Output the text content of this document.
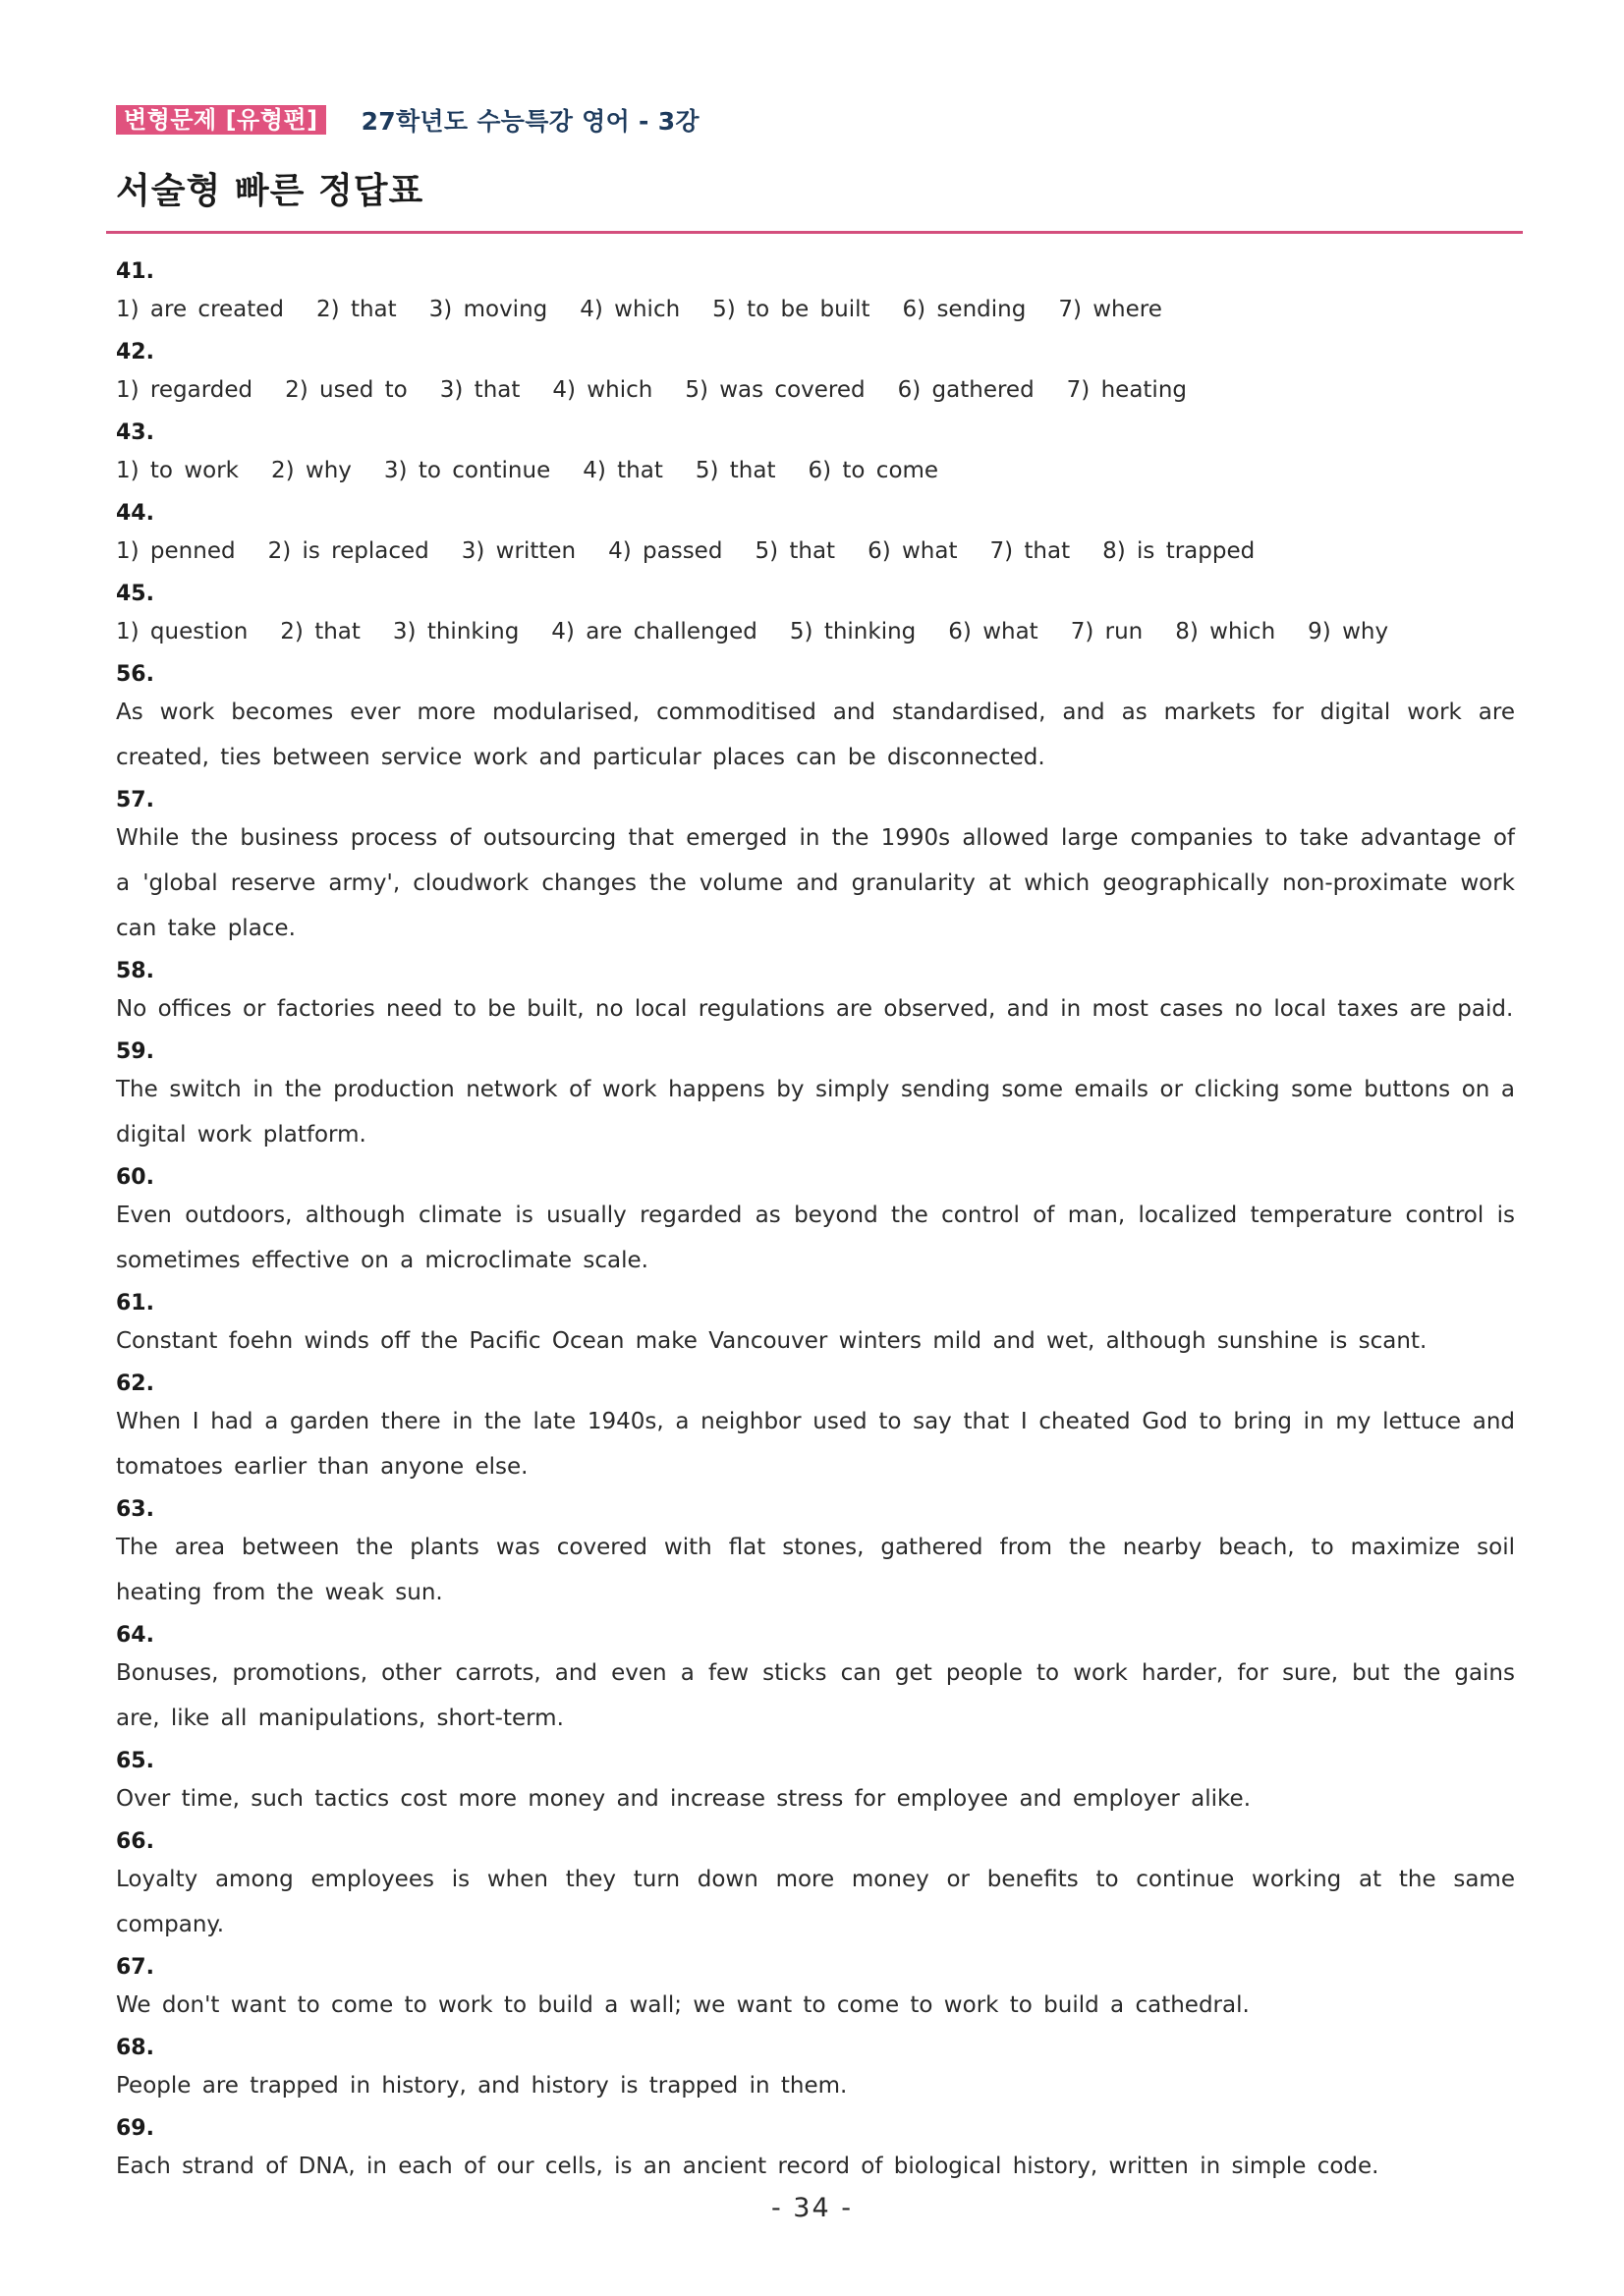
변형문제 [유형편]	27학년도 수능특강 영어 - 3강
서술형 빠른 정답표
41.
1) are created 2) that 3) moving 4) which 5) to be built 6) sending 7) where
42.
1) regarded 2) used to 3) that 4) which 5) was covered 6) gathered 7) heating
43.
1) to work 2) why 3) to continue 4) that 5) that 6) to come
44.
1) penned 2) is replaced 3) written 4) passed 5) that 6) what 7) that 8) is trapped
45.
1) question 2) that 3) thinking 4) are challenged 5) thinking 6) what 7) run 8) which 9) why
56.
As work becomes ever more modularised, commoditised and standardised, and as markets for digital work are created, ties between service work and particular places can be disconnected.
57.
While the business process of outsourcing that emerged in the 1990s allowed large companies to take advantage of a 'global reserve army', cloudwork changes the volume and granularity at which geographically non-proximate work can take place.
58.
No offices or factories need to be built, no local regulations are observed, and in most cases no local taxes are paid.
59.
The switch in the production network of work happens by simply sending some emails or clicking some buttons on a digital work platform.
60.
Even outdoors, although climate is usually regarded as beyond the control of man, localized temperature control is sometimes effective on a microclimate scale.
61.
Constant foehn winds off the Pacific Ocean make Vancouver winters mild and wet, although sunshine is scant.
62.
When I had a garden there in the late 1940s, a neighbor used to say that I cheated God to bring in my lettuce and tomatoes earlier than anyone else.
63.
The area between the plants was covered with flat stones, gathered from the nearby beach, to maximize soil heating from the weak sun.
64.
Bonuses, promotions, other carrots, and even a few sticks can get people to work harder, for sure, but the gains are, like all manipulations, short-term.
65.
Over time, such tactics cost more money and increase stress for employee and employer alike.
66.
Loyalty among employees is when they turn down more money or benefits to continue working at the same company.
67.
We don't want to come to work to build a wall; we want to come to work to build a cathedral.
68.
People are trapped in history, and history is trapped in them.
69.
Each strand of DNA, in each of our cells, is an ancient record of biological history, written in simple code.
- 34 -
